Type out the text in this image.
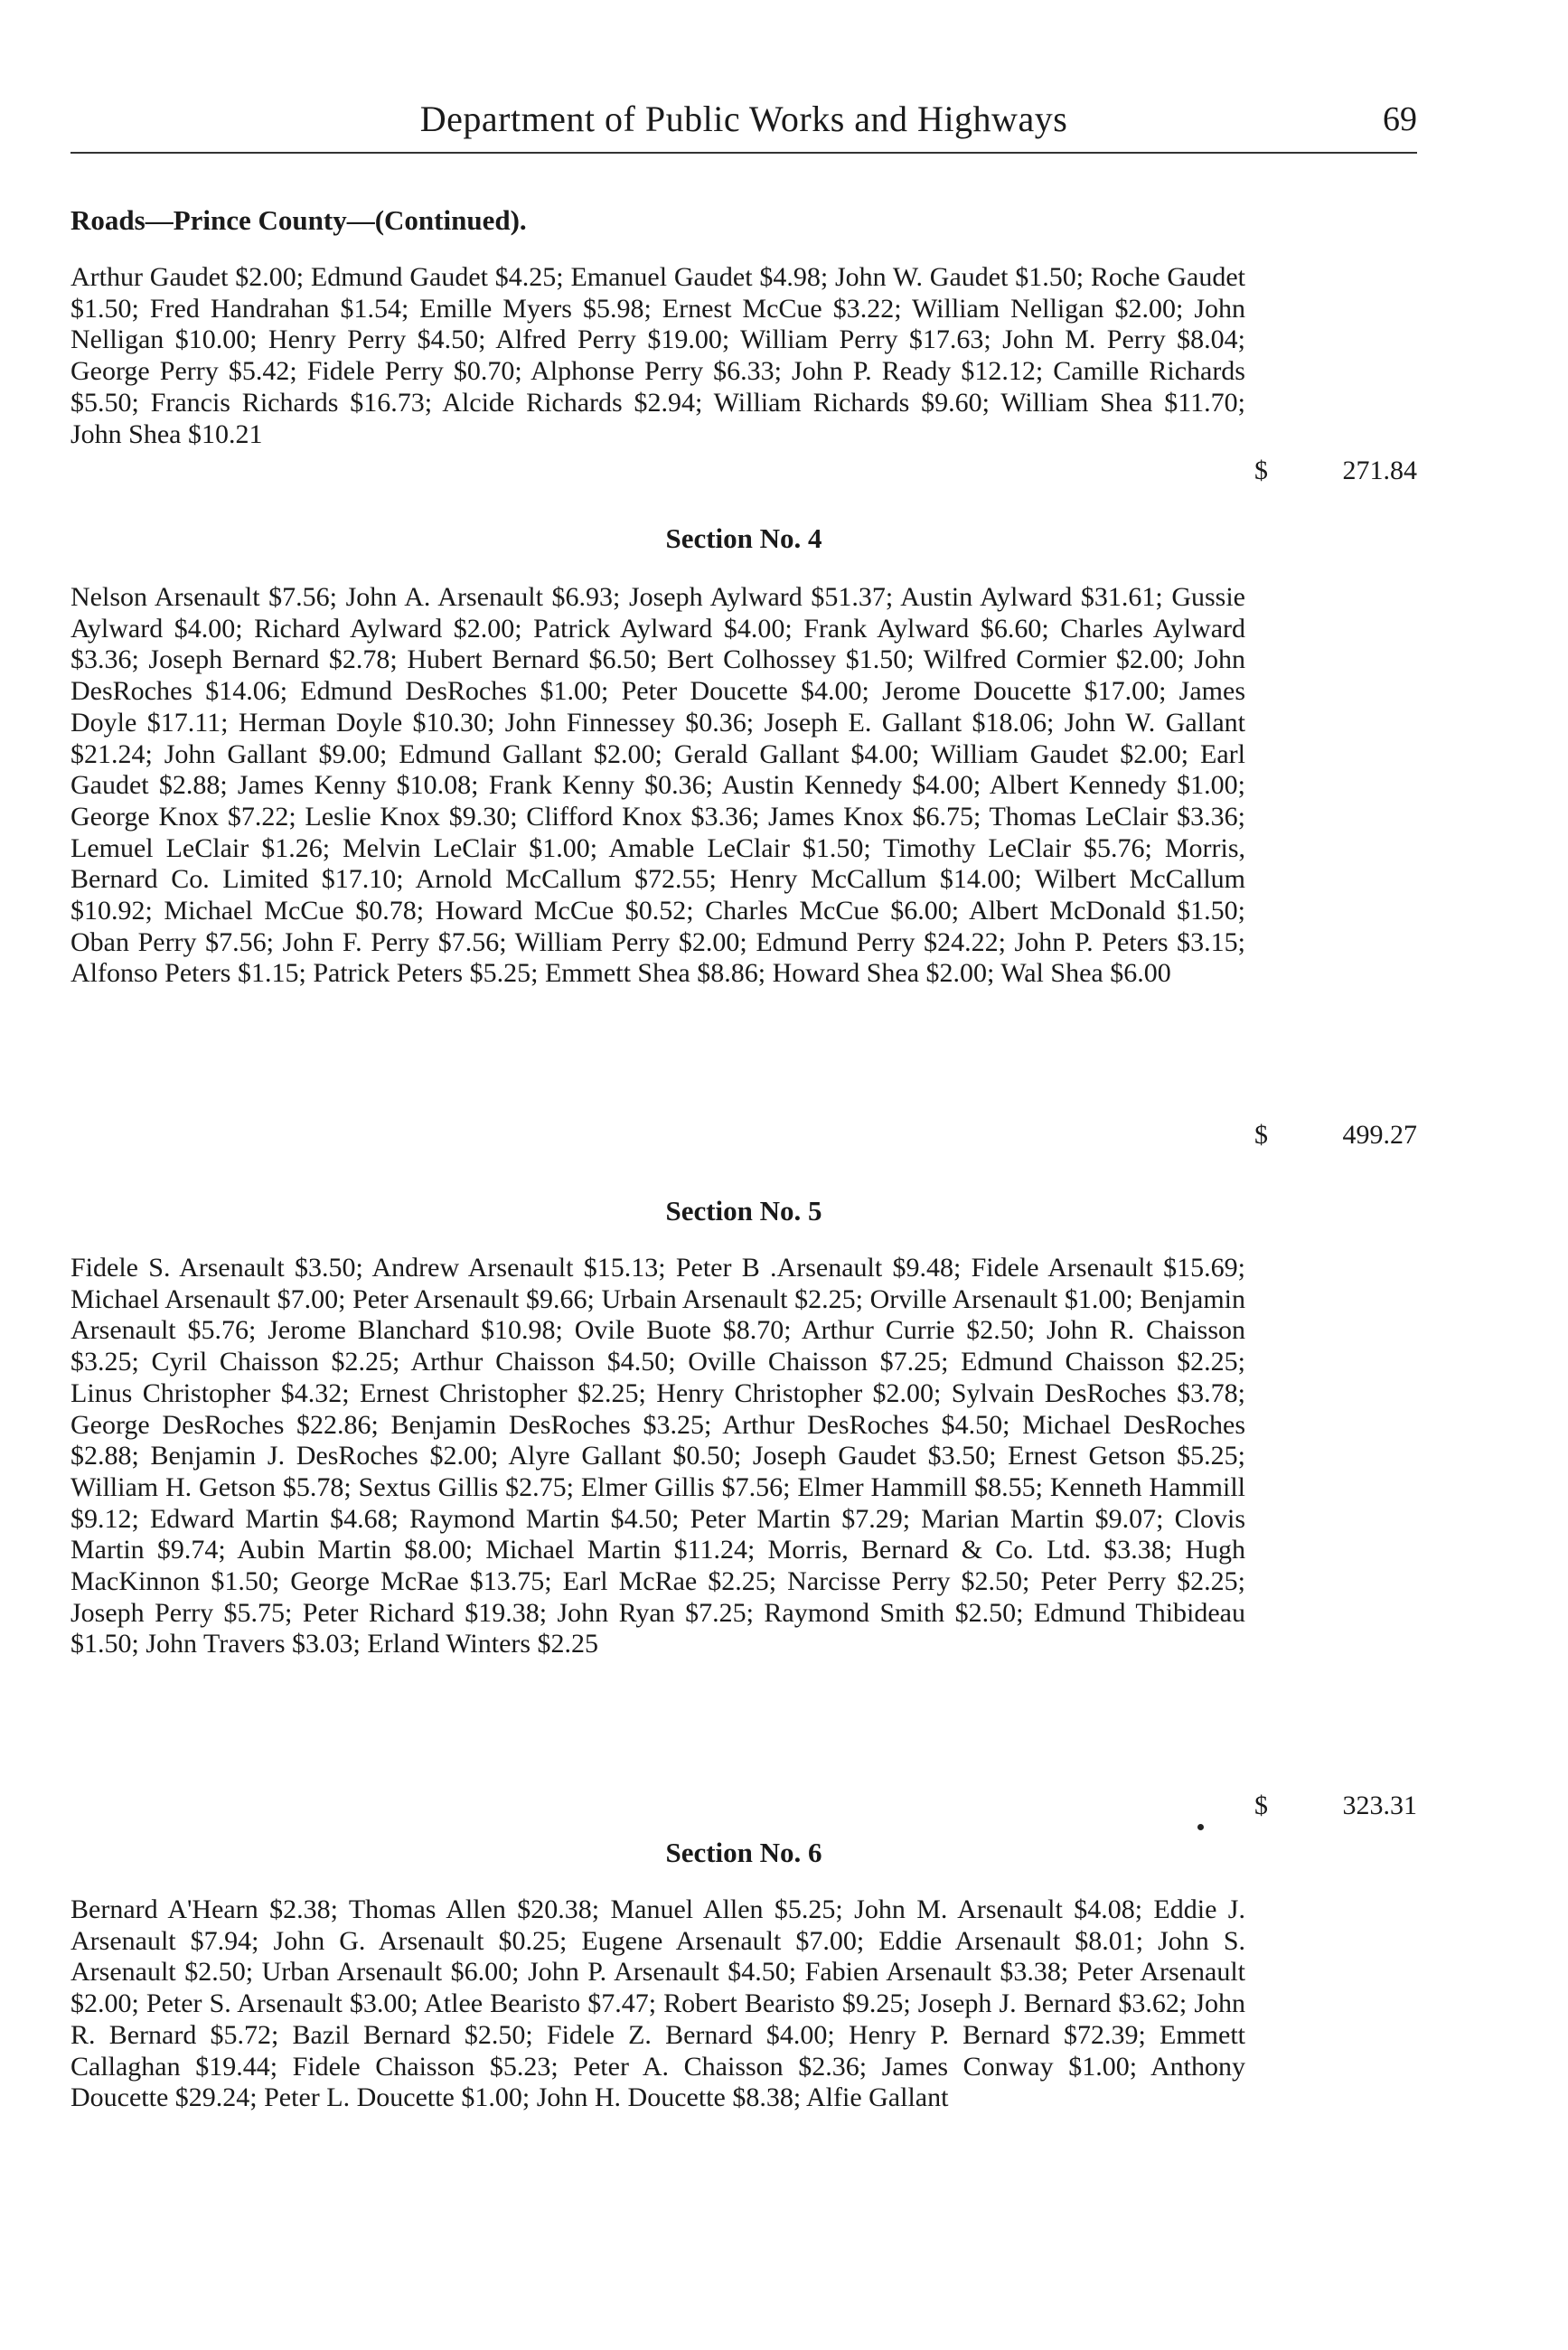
Department of Public Works and Highways	69
Roads—Prince County—(Continued).

Arthur Gaudet $2.00; Edmund Gaudet $4.25; Emanuel Gaudet $4.98; John W. Gaudet $1.50; Roche Gaudet $1.50; Fred Handrahan $1.54; Emille Myers $5.98; Ernest McCue $3.22; William Nelligan $2.00; John Nelligan $10.00; Henry Perry $4.50; Alfred Perry $19.00; William Perry $17.63; John M. Perry $8.04; George Perry $5.42; Fidele Perry $0.70; Alphonse Perry $6.33; John P. Ready $12.12; Camille Richards $5.50; Francis Richards $16.73; Alcide Richards $2.94; William Richards $9.60; William Shea $11.70; John Shea $10.21

$	271.84
Section No. 4

Nelson Arsenault $7.56; John A. Arsenault $6.93; Joseph Aylward $51.37; Austin Aylward $31.61; Gussie Aylward $4.00; Richard Aylward $2.00; Patrick Aylward $4.00; Frank Aylward $6.60; Charles Aylward $3.36; Joseph Bernard $2.78; Hubert Bernard $6.50; Bert Colhossey $1.50; Wilfred Cormier $2.00; John DesRoches $14.06; Edmund DesRoches $1.00; Peter Doucette $4.00; Jerome Doucette $17.00; James Doyle $17.11; Herman Doyle $10.30; John Finnessey $0.36; Joseph E. Gallant $18.06; John W. Gallant $21.24; John Gallant $9.00; Edmund Gallant $2.00; Gerald Gallant $4.00; William Gaudet $2.00; Earl Gaudet $2.88; James Kenny $10.08; Frank Kenny $0.36; Austin Kennedy $4.00; Albert Kennedy $1.00; George Knox $7.22; Leslie Knox $9.30; Clifford Knox $3.36; James Knox $6.75; Thomas LeClair $3.36; Lemuel LeClair $1.26; Melvin LeClair $1.00; Amable LeClair $1.50; Timothy LeClair $5.76; Morris, Bernard Co. Limited $17.10; Arnold McCallum $72.55; Henry McCallum $14.00; Wilbert McCallum $10.92; Michael McCue $0.78; Howard McCue $0.52; Charles McCue $6.00; Albert McDonald $1.50; Oban Perry $7.56; John F. Perry $7.56; William Perry $2.00; Edmund Perry $24.22; John P. Peters $3.15; Alfonso Peters $1.15; Patrick Peters $5.25; Emmett Shea $8.86; Howard Shea $2.00; Wal Shea $6.00

$	499.27
Section No. 5

Fidele S. Arsenault $3.50; Andrew Arsenault $15.13; Peter B .Arsenault $9.48; Fidele Arsenault $15.69; Michael Arsenault $7.00; Peter Arsenault $9.66; Urbain Arsenault $2.25; Orville Arsenault $1.00; Benjamin Arsenault $5.76; Jerome Blanchard $10.98; Ovile Buote $8.70; Arthur Currie $2.50; John R. Chaisson $3.25; Cyril Chaisson $2.25; Arthur Chaisson $4.50; Oville Chaisson $7.25; Edmund Chaisson $2.25; Linus Christopher $4.32; Ernest Christopher $2.25; Henry Christopher $2.00; Sylvain DesRoches $3.78; George DesRoches $22.86; Benjamin DesRoches $3.25; Arthur DesRoches $4.50; Michael DesRoches $2.88; Benjamin J. DesRoches $2.00; Alyre Gallant $0.50; Joseph Gaudet $3.50; Ernest Getson $5.25; William H. Getson $5.78; Sextus Gillis $2.75; Elmer Gillis $7.56; Elmer Hammill $8.55; Kenneth Hammill $9.12; Edward Martin $4.68; Raymond Martin $4.50; Peter Martin $7.29; Marian Martin $9.07; Clovis Martin $9.74; Aubin Martin $8.00; Michael Martin $11.24; Morris, Bernard & Co. Ltd. $3.38; Hugh MacKinnon $1.50; George McRae $13.75; Earl McRae $2.25; Narcisse Perry $2.50; Peter Perry $2.25; Joseph Perry $5.75; Peter Richard $19.38; John Ryan $7.25; Raymond Smith $2.50; Edmund Thibideau $1.50; John Travers $3.03; Erland Winters $2.25

$	323.31
Section No. 6

Bernard A'Hearn $2.38; Thomas Allen $20.38; Manuel Allen $5.25; John M. Arsenault $4.08; Eddie J. Arsenault $7.94; John G. Arsenault $0.25; Eugene Arsenault $7.00; Eddie Arsenault $8.01; John S. Arsenault $2.50; Urban Arsenault $6.00; John P. Arsenault $4.50; Fabien Arsenault $3.38; Peter Arsenault $2.00; Peter S. Arsenault $3.00; Atlee Bearisto $7.47; Robert Bearisto $9.25; Joseph J. Bernard $3.62; John R. Bernard $5.72; Bazil Bernard $2.50; Fidele Z. Bernard $4.00; Henry P. Bernard $72.39; Emmett Callaghan $19.44; Fidele Chaisson $5.23; Peter A. Chaisson $2.36; James Conway $1.00; Anthony Doucette $29.24; Peter L. Doucette $1.00; John H. Doucette $8.38; Alfie Gallant
